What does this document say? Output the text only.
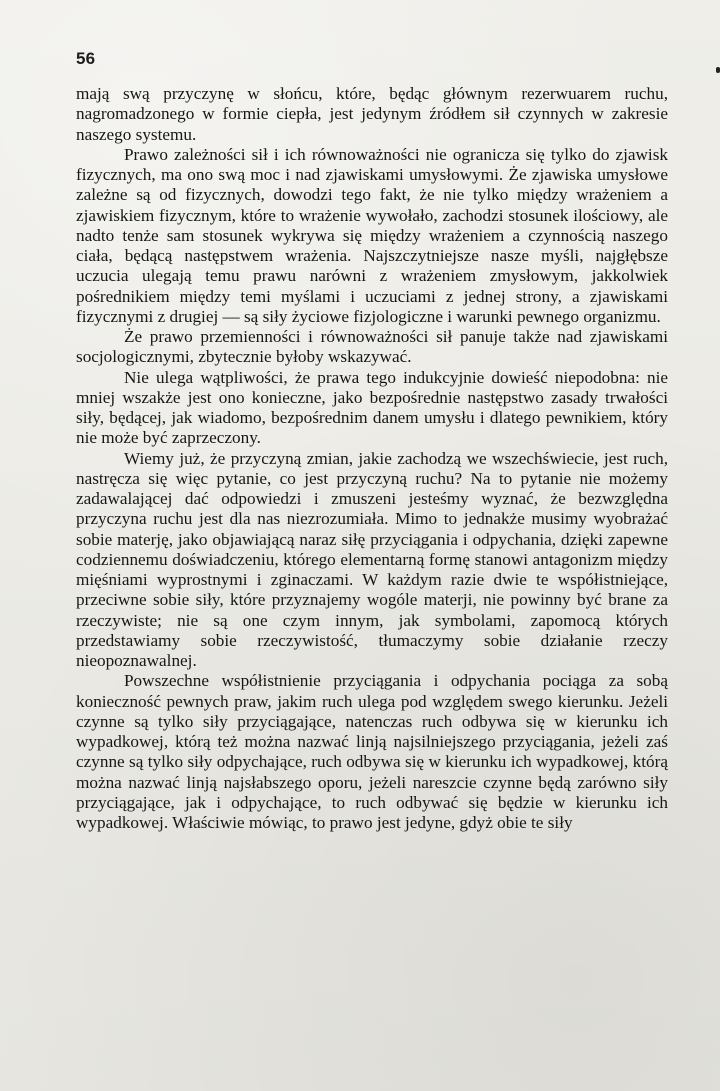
56

mają swą przyczynę w słońcu, które, będąc głównym rezerwuarem ruchu, nagromadzonego w formie ciepła, jest jedynym źródłem sił czynnych w zakresie naszego systemu.

Prawo zależności sił i ich równoważności nie ogranicza się tylko do zjawisk fizycznych, ma ono swą moc i nad zjawiskami umysłowymi. Że zjawiska umysłowe zależne są od fizycznych, dowodzi tego fakt, że nie tylko między wrażeniem a zjawiskiem fizycznym, które to wrażenie wywołało, zachodzi stosunek ilościowy, ale nadto tenże sam stosunek wykrywa się między wrażeniem a czynnością naszego ciała, będącą następstwem wrażenia. Najszczytniejsze nasze myśli, najgłębsze uczucia ulegają temu prawu narówni z wrażeniem zmysłowym, jakkolwiek pośrednikiem między temi myślami i uczuciami z jednej strony, a zjawiskami fizycznymi z drugiej — są siły życiowe fizjologiczne i warunki pewnego organizmu.

Że prawo przemienności i równoważności sił panuje także nad zjawiskami socjologicznymi, zbytecznie byłoby wskazywać.

Nie ulega wątpliwości, że prawa tego indukcyjnie dowieść niepodobna: nie mniej wszakże jest ono konieczne, jako bezpośrednie następstwo zasady trwałości siły, będącej, jak wiadomo, bezpośrednim danem umysłu i dlatego pewnikiem, który nie może być zaprzeczony.

Wiemy już, że przyczyną zmian, jakie zachodzą we wszechświecie, jest ruch, nastręcza się więc pytanie, co jest przyczyną ruchu? Na to pytanie nie możemy zadawalającej dać odpowiedzi i zmuszeni jesteśmy wyznać, że bezwzględna przyczyna ruchu jest dla nas niezrozumiała. Mimo to jednakże musimy wyobrażać sobie materję, jako objawiającą naraz siłę przyciągania i odpychania, dzięki zapewne codziennemu doświadczeniu, którego elementarną formę stanowi antagonizm między mięśniami wyprostnymi i zginaczami. W każdym razie dwie te współistniejące, przeciwne sobie siły, które przyznajemy wogóle materji, nie powinny być brane za rzeczywiste; nie są one czym innym, jak symbolami, zapomocą których przedstawiamy sobie rzeczywistość, tłumaczymy sobie działanie rzeczy nieopoznawalnej.

Powszechne współistnienie przyciągania i odpychania pociąga za sobą konieczność pewnych praw, jakim ruch ulega pod względem swego kierunku. Jeżeli czynne są tylko siły przyciągające, natenczas ruch odbywa się w kierunku ich wypadkowej, którą też można nazwać linją najsilniejszego przyciągania, jeżeli zaś czynne są tylko siły odpychające, ruch odbywa się w kierunku ich wypadkowej, którą można nazwać linją najsłabszego oporu, jeżeli nareszcie czynne będą zarówno siły przyciągające, jak i odpychające, to ruch odbywać się będzie w kierunku ich wypadkowej. Właściwie mówiąc, to prawo jest jedyne, gdyż obie te siły
